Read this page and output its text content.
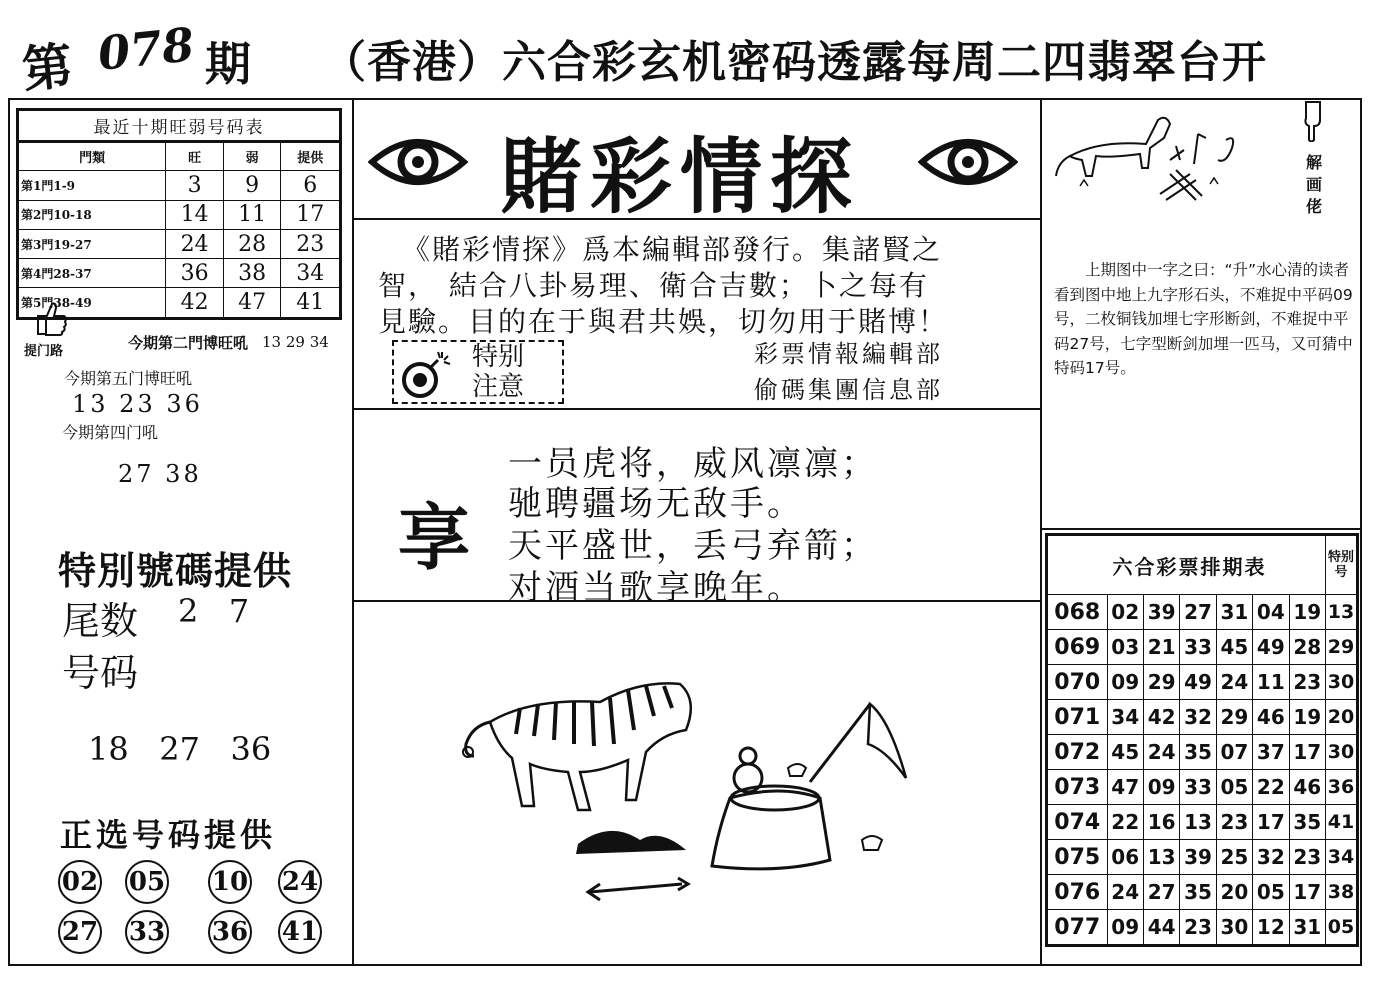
第 078 期 （香港）六合彩玄机密码透露每周二四翡翠台开
最近十期旺弱号码表
門類	旺	弱	提供
第1門1-9	3	9	6
第2門10-18	14	11	17
第3門19-27	24	28	23
第4門28-37	36	38	34
第5門38-49	42	47	41
提门路	今期第二門博旺吼 13 29 34
今期第五门博旺吼
13 23 36
今期第四门吼
27 38
特別號碼提供
尾数 2   7
号码
18   27   36
正选号码提供
02 05 10 24
27 33 36 41
賭彩情探
《賭彩情探》爲本編輯部發行。集諸賢之
智， 結合八卦易理、衛合吉數；卜之每有
見驗。目的在于與君共娛，切勿用于賭博！
特别
注意
彩票情報編輯部
偷碼集團信息部
享
一员虎将，威风凛凛；
驰聘疆场无敌手。
天平盛世，丢弓弃箭；
对酒当歌享晚年。
解
画
佬
上期图中一字之曰：“升”水心清的读者看到图中地上九字形石头，不难捉中平码09号，二枚铜钱加埋七字形断剑，不难捉中平码27号，七字型断剑加埋一匹马，又可猜中特码17号。
六合彩票排期表							特别号
068	02	39	27	31	04	19	13
069	03	21	33	45	49	28	29
070	09	29	49	24	11	23	30
071	34	42	32	29	46	19	20
072	45	24	35	07	37	17	30
073	47	09	33	05	22	46	36
074	22	16	13	23	17	35	41
075	06	13	39	25	32	23	34
076	24	27	35	20	05	17	38
077	09	44	23	30	12	31	05
